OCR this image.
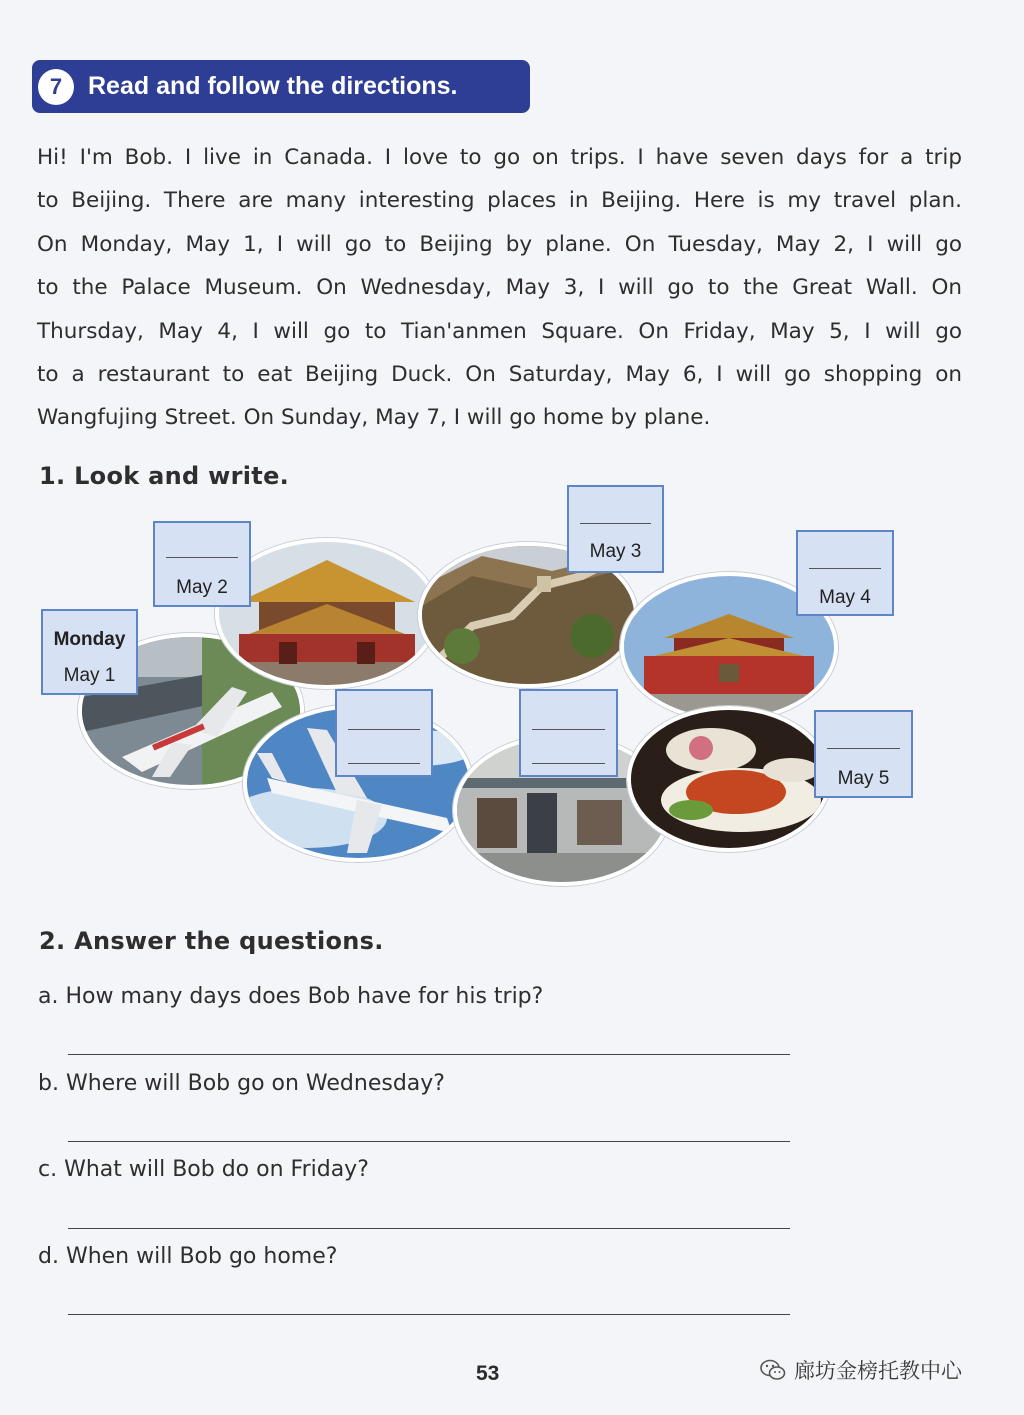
7	Read and follow the directions.
Hi! I'm Bob. I live in Canada. I love to go on trips. I have seven days for a trip
to Beijing. There are many interesting places in Beijing. Here is my travel plan.
On Monday, May 1, I will go to Beijing by plane. On Tuesday, May 2, I will go
to the Palace Museum. On Wednesday, May 3, I will go to the Great Wall. On
Thursday, May 4, I will go to Tian'anmen Square. On Friday, May 5, I will go
to a restaurant to eat Beijing Duck. On Saturday, May 6, I will go shopping on
Wangfujing Street. On Sunday, May 7, I will go home by plane.
1. Look and write.
Monday
May 1
May 2
May 3
May 4
May 5
2. Answer the questions.
a. How many days does Bob have for his trip?
b. Where will Bob go on Wednesday?
c. What will Bob do on Friday?
d. When will Bob go home?
53	廊坊金榜托教中心
